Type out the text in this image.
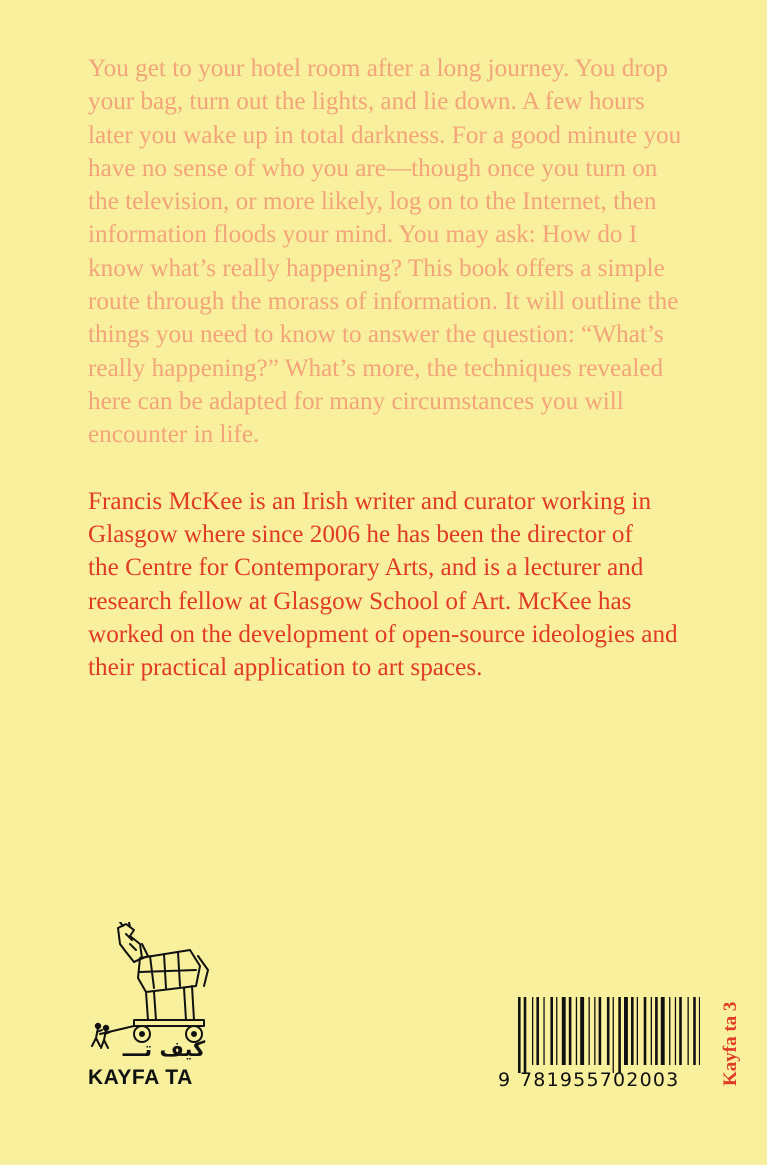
You get to your hotel room after a long journey. You drop
your bag, turn out the lights, and lie down. A few hours
later you wake up in total darkness. For a good minute you
have no sense of who you are—though once you turn on
the television, or more likely, log on to the Internet, then
information floods your mind. You may ask: How do I
know what’s really happening? This book offers a simple
route through the morass of information. It will outline the
things you need to know to answer the question: “What’s
really happening?” What’s more, the techniques revealed
here can be adapted for many circumstances you will
encounter in life.
Francis McKee is an Irish writer and curator working in
Glasgow where since 2006 he has been the director of
the Centre for Contemporary Arts, and is a lecturer and
research fellow at Glasgow School of Art. McKee has
worked on the development of open-source ideologies and
their practical application to art spaces.
كيف تـــ
KAYFA TA	9 781955702003	Kayfa ta 3
